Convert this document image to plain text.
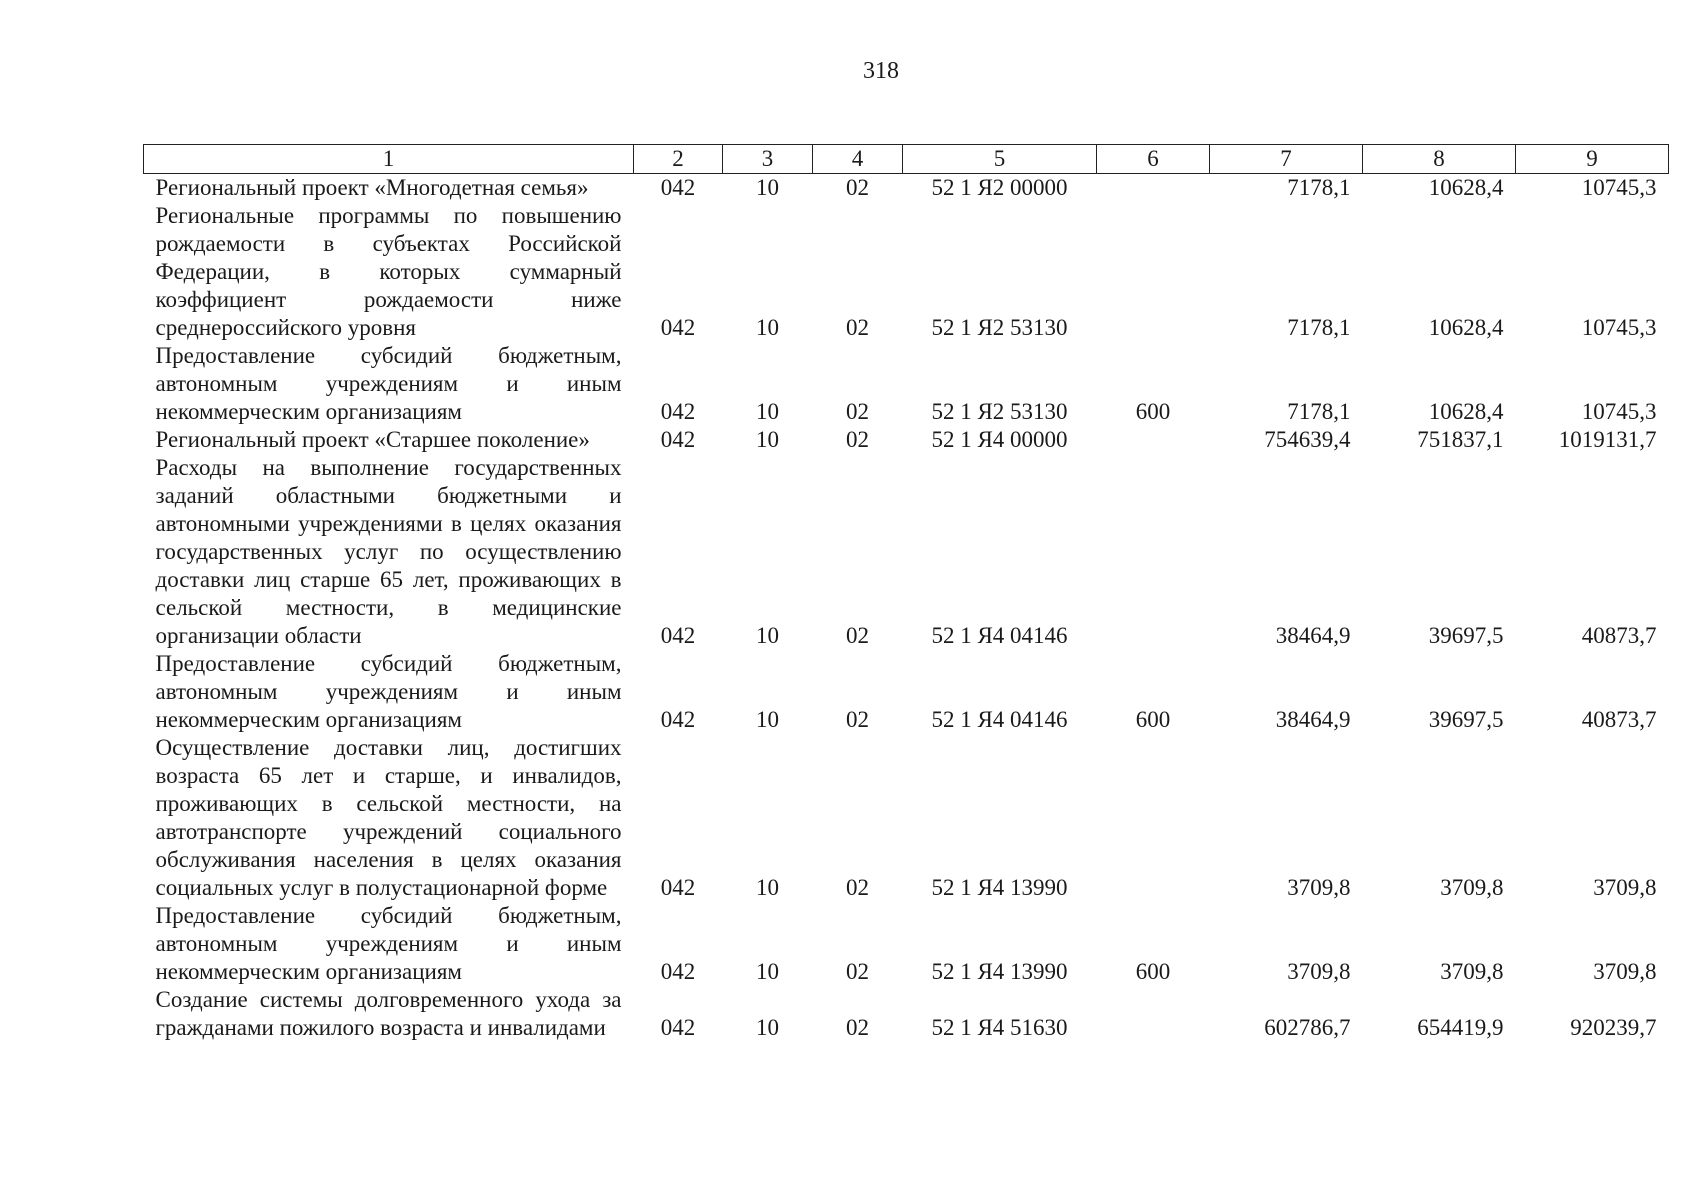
318
1	2	3	4	5	6	7	8	9
Региональный проект «Многодетная семья»	042	10	02	52 1 Я2 00000		7178,1	10628,4	10745,3
Региональные программы по повышению рождаемости в субъектах Российской Федерации, в которых суммарный коэффициент рождаемости ниже среднероссийского уровня	042	10	02	52 1 Я2 53130		7178,1	10628,4	10745,3
Предоставление субсидий бюджетным, автономным учреждениям и иным некоммерческим организациям	042	10	02	52 1 Я2 53130	600	7178,1	10628,4	10745,3
Региональный проект «Старшее поколение»	042	10	02	52 1 Я4 00000		754639,4	751837,1	1019131,7
Расходы на выполнение государственных заданий областными бюджетными и автономными учреждениями в целях оказания государственных услуг по осуществлению доставки лиц старше 65 лет, проживающих в сельской местности, в медицинские организации области	042	10	02	52 1 Я4 04146		38464,9	39697,5	40873,7
Предоставление субсидий бюджетным, автономным учреждениям и иным некоммерческим организациям	042	10	02	52 1 Я4 04146	600	38464,9	39697,5	40873,7
Осуществление доставки лиц, достигших возраста 65 лет и старше, и инвалидов, проживающих в сельской местности, на автотранспорте учреждений социального обслуживания населения в целях оказания социальных услуг в полустационарной форме	042	10	02	52 1 Я4 13990		3709,8	3709,8	3709,8
Предоставление субсидий бюджетным, автономным учреждениям и иным некоммерческим организациям	042	10	02	52 1 Я4 13990	600	3709,8	3709,8	3709,8
Создание системы долговременного ухода за гражданами пожилого возраста и инвалидами	042	10	02	52 1 Я4 51630		602786,7	654419,9	920239,7
